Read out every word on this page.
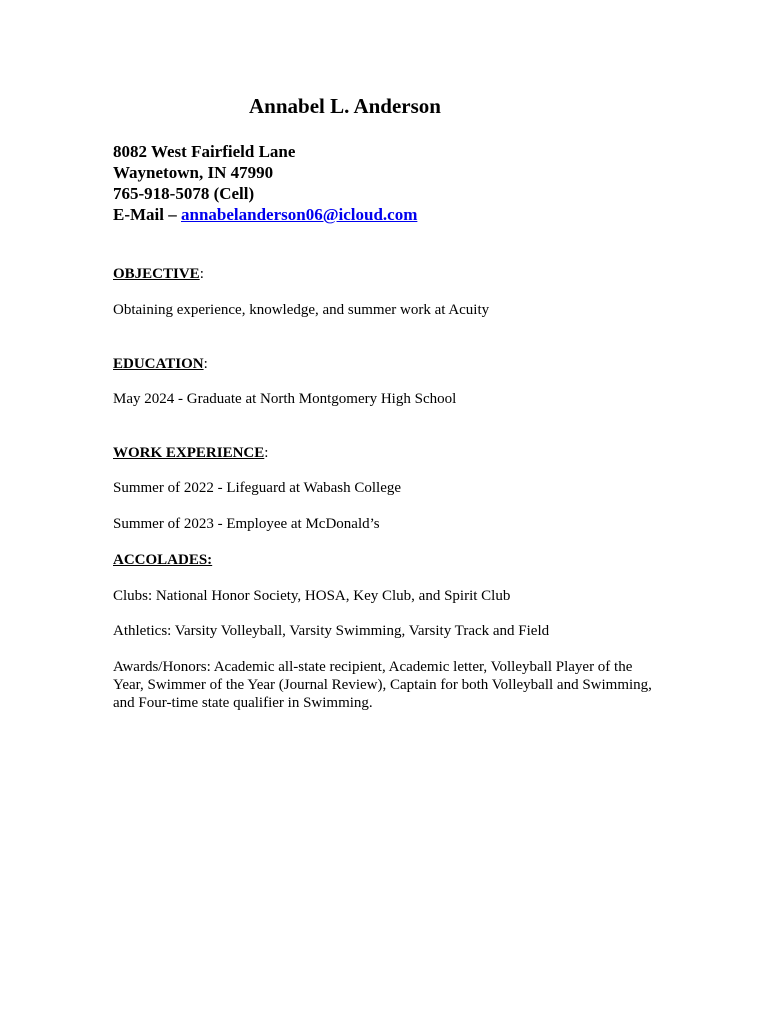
Annabel L. Anderson
8082 West Fairfield Lane
Waynetown, IN 47990
765-918-5078 (Cell)
E-Mail – annabelanderson06@icloud.com
OBJECTIVE:
Obtaining experience, knowledge, and summer work at Acuity
EDUCATION:
May 2024 - Graduate at North Montgomery High School
WORK EXPERIENCE:
Summer of 2022 - Lifeguard at Wabash College
Summer of 2023 - Employee at McDonald’s
ACCOLADES:
Clubs: National Honor Society, HOSA, Key Club, and Spirit Club
Athletics: Varsity Volleyball, Varsity Swimming, Varsity Track and Field
Awards/Honors: Academic all-state recipient, Academic letter, Volleyball Player of the Year, Swimmer of the Year (Journal Review), Captain for both Volleyball and Swimming, and Four-time state qualifier in Swimming.
